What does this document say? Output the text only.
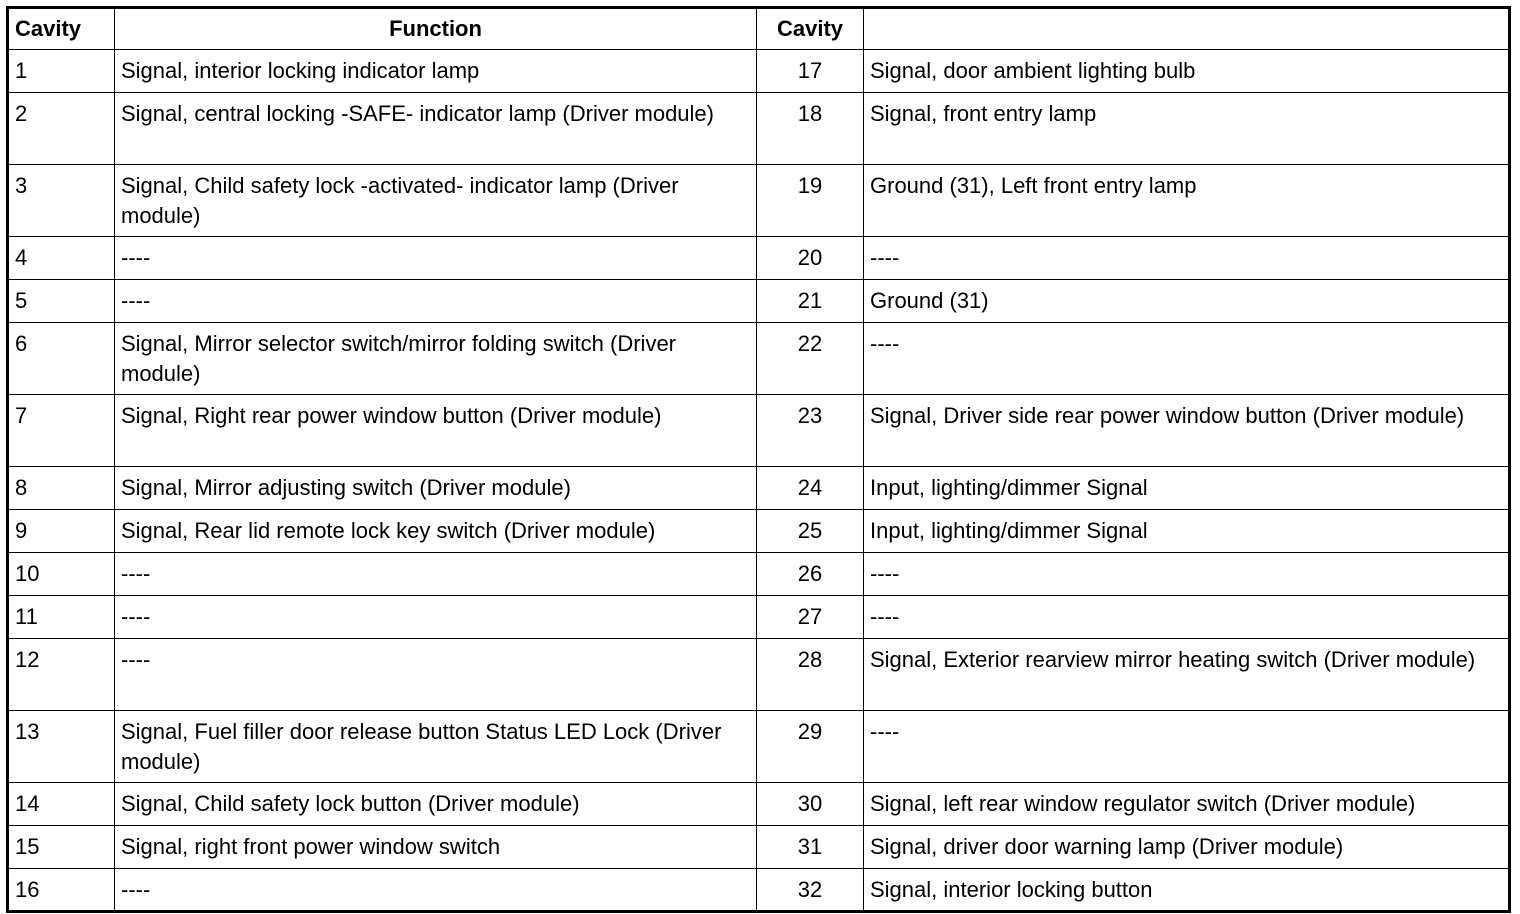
Cavity	Function	Cavity	
1	Signal, interior locking indicator lamp	17	Signal, door ambient lighting bulb
2	Signal, central locking -SAFE- indicator lamp (Driver module)	18	Signal, front entry lamp
3	Signal, Child safety lock -activated- indicator lamp (Driver module)	19	Ground (31), Left front entry lamp
4	----	20	----
5	----	21	Ground (31)
6	Signal, Mirror selector switch/mirror folding switch (Driver module)	22	----
7	Signal, Right rear power window button (Driver module)	23	Signal, Driver side rear power window button (Driver module)
8	Signal, Mirror adjusting switch (Driver module)	24	Input, lighting/dimmer Signal
9	Signal, Rear lid remote lock key switch (Driver module)	25	Input, lighting/dimmer Signal
10	----	26	----
11	----	27	----
12	----	28	Signal, Exterior rearview mirror heating switch (Driver module)
13	Signal, Fuel filler door release button Status LED Lock (Driver module)	29	----
14	Signal, Child safety lock button (Driver module)	30	Signal, left rear window regulator switch (Driver module)
15	Signal, right front power window switch	31	Signal, driver door warning lamp (Driver module)
16	----	32	Signal, interior locking button
